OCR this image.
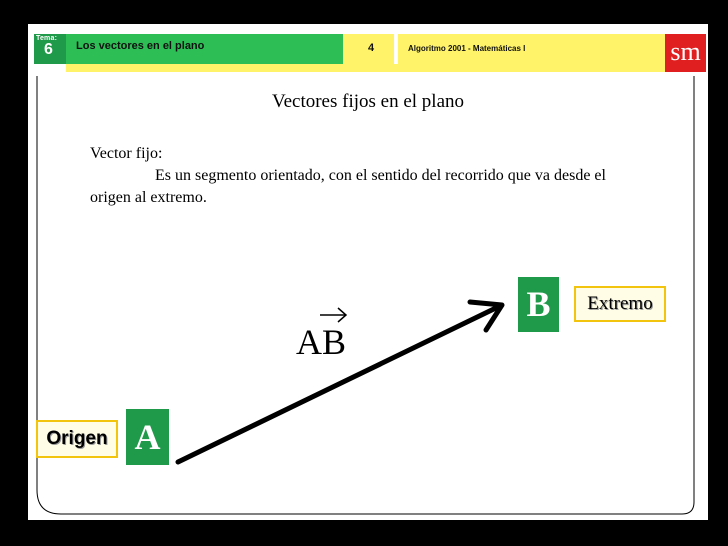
Tema:
6 Los vectores en el plano	4	Algoritmo 2001 - Matemáticas I	sm
Vectores fijos en el plano
Vector fijo:
Es un segmento orientado, con el sentido del recorrido que va desde el
origen al extremo.
AB
A
B
Origen
Extremo
